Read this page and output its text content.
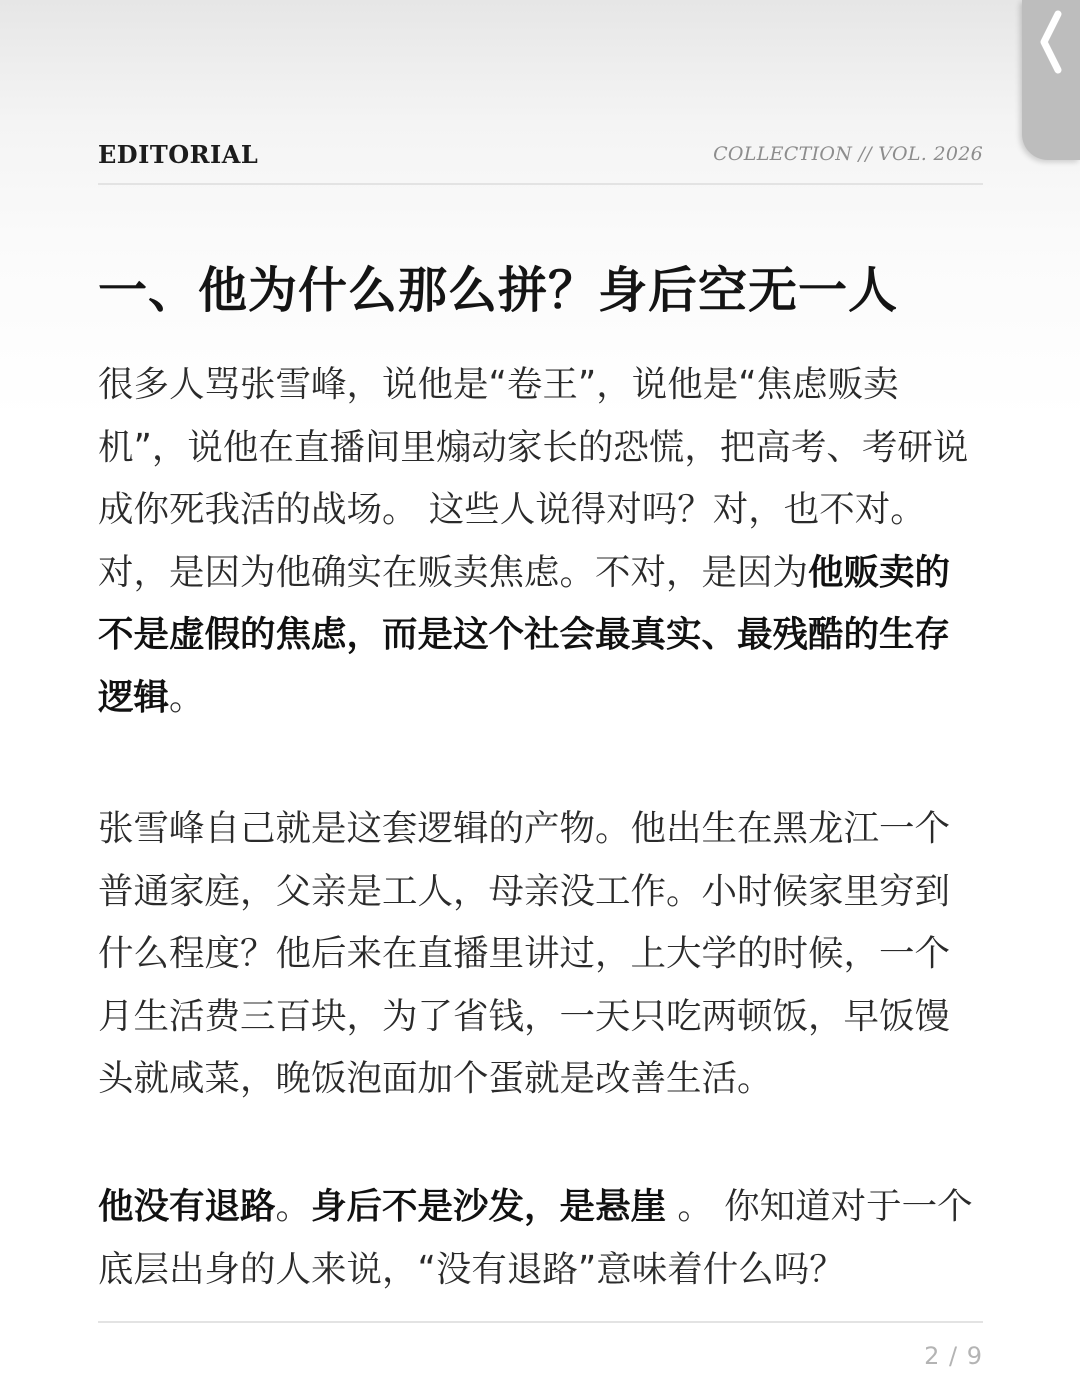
EDITORIAL	COLLECTION // VOL. 2026
一、他为什么那么拼？身后空无一人

很多人骂张雪峰，说他是“卷王”，说他是“焦虑贩卖机”，说他在直播间里煽动家长的恐慌，把高考、考研说成你死我活的战场。 这些人说得对吗？对，也不对。 对，是因为他确实在贩卖焦虑。不对，是因为他贩卖的不是虚假的焦虑，而是这个社会最真实、最残酷的生存逻辑。

张雪峰自己就是这套逻辑的产物。他出生在黑龙江一个普通家庭，父亲是工人，母亲没工作。小时候家里穷到什么程度？他后来在直播里讲过，上大学的时候，一个月生活费三百块，为了省钱，一天只吃两顿饭，早饭馒头就咸菜，晚饭泡面加个蛋就是改善生活。

他没有退路。身后不是沙发，是悬崖 。 你知道对于一个底层出身的人来说，“没有退路”意味着什么吗？

2 / 9
